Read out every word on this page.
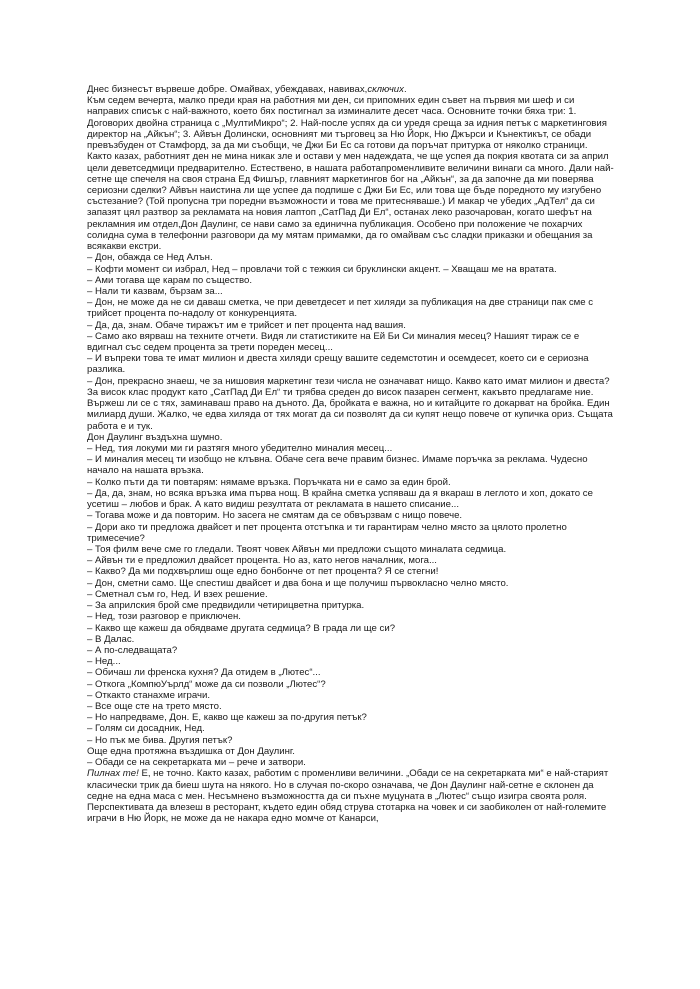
Днес бизнесът вървеше добре. Омайвах, убеждавах, навивах,сключих.

Към седем вечерта, малко преди края на работния ми ден, си припомних един съвет на първия ми шеф и си направих списък с най-важното, което бях постигнал за изминалите десет часа. Основните точки бяха три: 1. Договорих двойна страница с „МултиМикро“; 2. Най-после успях да си уредя среща за идния петък с маркетинговия директор на „Айкън“; 3. Айвън Долински, основният ми търговец за Ню Йорк, Ню Джърси и Кънектикът, се обади превъзбуден от Стамфорд, за да ми съобщи, че Джи Би Ес са готови да поръчат притурка от няколко страници.

Както казах, работният ден не мина никак зле и остави у мен надеждата, че ще успея да покрия квотата си за април цели деветседмици предварително. Естествено, в нашата работапроменливите величини винаги са много. Дали най-сетне ще спечеля на своя страна Ед Фишър, главният маркетингов бог на „Айкън“, за да започне да ми поверява сериозни сделки? Айвън наистина ли ще успее да подпише с Джи Би Ес, или това ще бъде поредното му изгубено състезание? (Той пропусна три поредни възможности и това ме притесняваше.) И макар че убедих „АдТел“ да си запазят цял разтвор за рекламата на новия лаптоп „СатПад Ди Ел“, останах леко разочарован, когато шефът на рекламния им отдел,Дон Даулинг, се нави само за единична публикация. Особено при положение че похарчих солидна сума в телефонни разговори да му мятам примамки, да го омайвам със сладки приказки и обещания за всякакви екстри.

– Дон, обажда се Нед Алън.

– Кофти момент си избрал, Нед – провлачи той с тежкия си бруклински акцент. – Хващаш ме на вратата.

– Ами тогава ще карам по същество.

– Нали ти казвам, бързам за...

– Дон, не може да не си даваш сметка, че при деветдесет и пет хиляди за публикация на две страници пак сме с трийсет процента по-надолу от конкуренцията.

– Да, да, знам. Обаче тиражът им е трийсет и пет процента над вашия.

– Само ако вярваш на техните отчети. Видя ли статистиките на Ей Би Си миналия месец? Нашият тираж се е вдигнал със седем процента за трети пореден месец...

– И въпреки това те имат милион и двеста хиляди срещу вашите седемстотин и осемдесет, което си е сериозна разлика.

– Дон, прекрасно знаеш, че за нишовия маркетинг тези числа не означават нищо. Какво като имат милион и двеста? За висок клас продукт като „СатПад Ди Ел“ ти трябва среден до висок пазарен сегмент, какъвто предлагаме ние. Вържеш ли се с тях, заминаваш право на дъното. Да, бройката е важна, но и китайците го докарват на бройка. Един милиард души. Жалко, че едва хиляда от тях могат да си позволят да си купят нещо повече от купичка ориз. Същата работа е и тук.

Дон Даулинг въздъхна шумно.

– Нед, тия локуми ми ги разтягя много убедително миналия месец...

– И миналия месец ти изобщо не клъвна. Обаче сега вече правим бизнес. Имаме поръчка за реклама. Чудесно начало на нашата връзка.

– Колко пъти да ти повтарям: нямаме връзка. Поръчката ни е само за един брой.

– Да, да, знам, но всяка връзка има първа нощ. В крайна сметка успяваш да я вкараш в леглото и хоп, докато се усетиш – любов и брак. А като видиш резултата от рекламата в нашето списание...

– Тогава може и да повторим. Но засега не смятам да се обвързвам с нищо повече.

– Дори ако ти предложа двайсет и пет процента отстъпка и ти гарантирам челно място за цялото пролетно тримесечие?

– Тоя филм вече сме го гледали. Твоят човек Айвън ми предложи същото миналата седмица.

– Айвън ти е предложил двайсет процента. Но аз, като негов началник, мога...

– Какво? Да ми подхвърлиш още едно бонбонче от пет процента? Я се стегни!

– Дон, сметни само. Ще спестиш двайсет и два бона и ще получиш първокласно челно място.

– Сметнал съм го, Нед. И взех решение.

– За априлския брой сме предвидили четирицветна притурка.

– Нед, този разговор е приключен.

– Какво ще кажеш да обядваме другата седмица? В града ли ще си?

– В Далас.

– А по-следващата?

– Нед...

– Обичаш ли френска кухня? Да отидем в „Лютес“...

– Откога „КомпюУърлд“ може да си позволи „Лютес“?

– Откакто станахме играчи.

– Все още сте на трето място.

– Но напредваме, Дон. Е, какво ще кажеш за по-другия петък?

– Голям си досадник, Нед.

– Но пък ме бива. Другия петък?

Още една протяжна въздишка от Дон Даулинг.

– Обади се на секретарката ми – рече и затвори.

Пилнах те! Е, не точно. Както казах, работим с променливи величини. „Обади се на секретарката ми“ е най-старият класически трик да биеш шута на някого. Но в случая по-скоро означава, че Дон Даулинг най-сетне е склонен да седне на една маса с мен. Несъмнено възможността да си пъхне муцуната в „Лютес“ също изигра своята роля. Перспективата да влезеш в ресторант, където един обяд струва стотарка на човек и си заобиколен от най-големите играчи в Ню Йорк, не може да не накара едно момче от Канарси,
